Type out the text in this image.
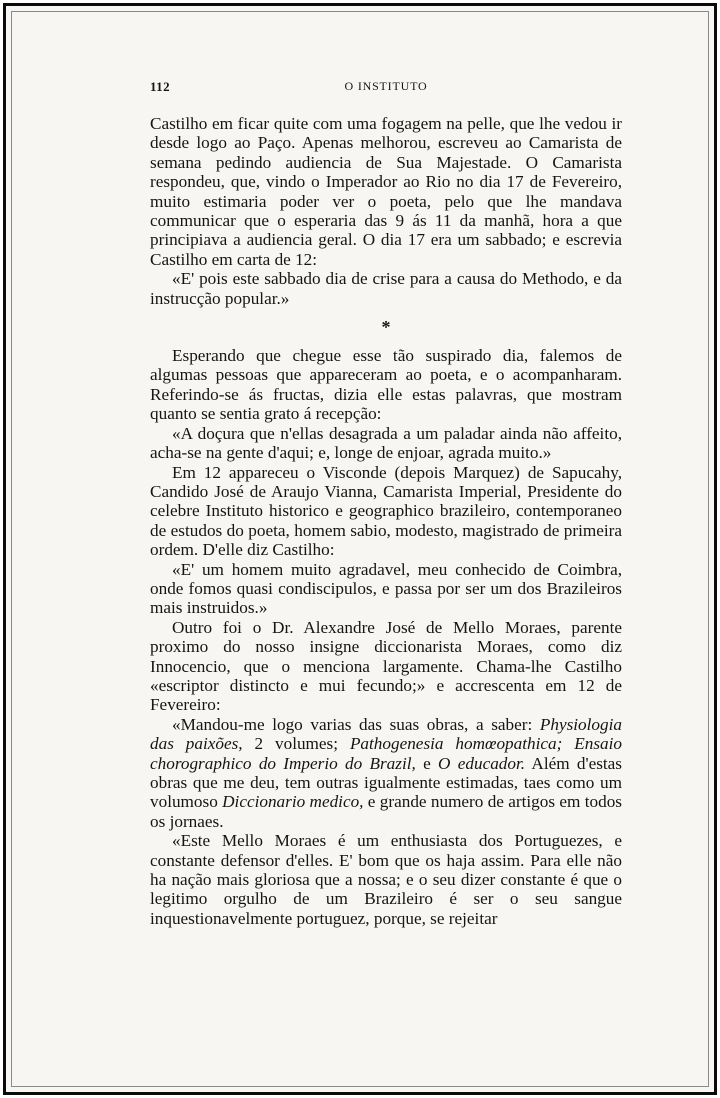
112	O INSTITUTO

Castilho em ficar quite com uma fogagem na pelle, que lhe vedou ir desde logo ao Paço. Apenas melhorou, escreveu ao Camarista de semana pedindo audiencia de Sua Majestade. O Camarista respondeu, que, vindo o Imperador ao Rio no dia 17 de Fevereiro, muito estimaria poder ver o poeta, pelo que lhe mandava communicar que o esperaria das 9 ás 11 da manhã, hora a que principiava a audiencia geral. O dia 17 era um sabbado; e escrevia Castilho em carta de 12:

«E' pois este sabbado dia de crise para a causa do Methodo, e da instrucção popular.»

*

Esperando que chegue esse tão suspirado dia, falemos de algumas pessoas que appareceram ao poeta, e o acompanharam. Referindo-se ás fructas, dizia elle estas palavras, que mostram quanto se sentia grato á recepção:

«A doçura que n'ellas desagrada a um paladar ainda não affeito, acha-se na gente d'aqui; e, longe de enjoar, agrada muito.»

Em 12 appareceu o Visconde (depois Marquez) de Sapucahy, Candido José de Araujo Vianna, Camarista Imperial, Presidente do celebre Instituto historico e geographico brazileiro, contemporaneo de estudos do poeta, homem sabio, modesto, magistrado de primeira ordem. D'elle diz Castilho:

«E' um homem muito agradavel, meu conhecido de Coimbra, onde fomos quasi condiscipulos, e passa por ser um dos Brazileiros mais instruidos.»

Outro foi o Dr. Alexandre José de Mello Moraes, parente proximo do nosso insigne diccionarista Moraes, como diz Innocencio, que o menciona largamente. Chama-lhe Castilho «escriptor distincto e mui fecundo;» e accrescenta em 12 de Fevereiro:

«Mandou-me logo varias das suas obras, a saber: Physiologia das paixões, 2 volumes; Pathogenesia homœopathica; Ensaio chorographico do Imperio do Brazil, e O educador. Além d'estas obras que me deu, tem outras igualmente estimadas, taes como um volumoso Diccionario medico, e grande numero de artigos em todos os jornaes.

«Este Mello Moraes é um enthusiasta dos Portuguezes, e constante defensor d'elles. E' bom que os haja assim. Para elle não ha nação mais gloriosa que a nossa; e o seu dizer constante é que o legitimo orgulho de um Brazileiro é ser o seu sangue inquestionavelmente portuguez, porque, se rejeitar
